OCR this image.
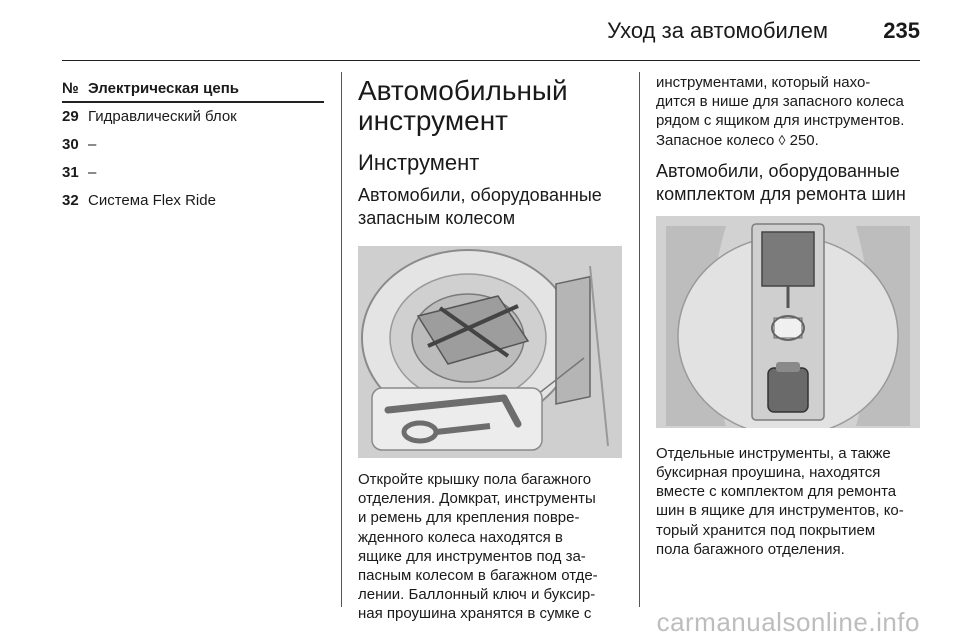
Уход за автомобилем	235
№ Электрическая цепь
29 Гидравлический блок
30 –
31 –
32 Система Flex Ride
Автомобильный
инструмент
Инструмент
Автомобили, оборудованные
запасным колесом
Откройте крышку пола багажного
отделения. Домкрат, инструменты
и ремень для крепления повре-
жденного колеса находятся в
ящике для инструментов под за-
пасным колесом в багажном отде-
лении. Баллонный ключ и буксир-
ная проушина хранятся в сумке с
инструментами, который нахо-
дится в нише для запасного колеса
рядом с ящиком для инструментов.
Запасное колесо ◊ 250.
Автомобили, оборудованные
комплектом для ремонта шин
Отдельные инструменты, а также
буксирная проушина, находятся
вместе с комплектом для ремонта
шин в ящике для инструментов, ко-
торый хранится под покрытием
пола багажного отделения.
carmanualsonline.info
